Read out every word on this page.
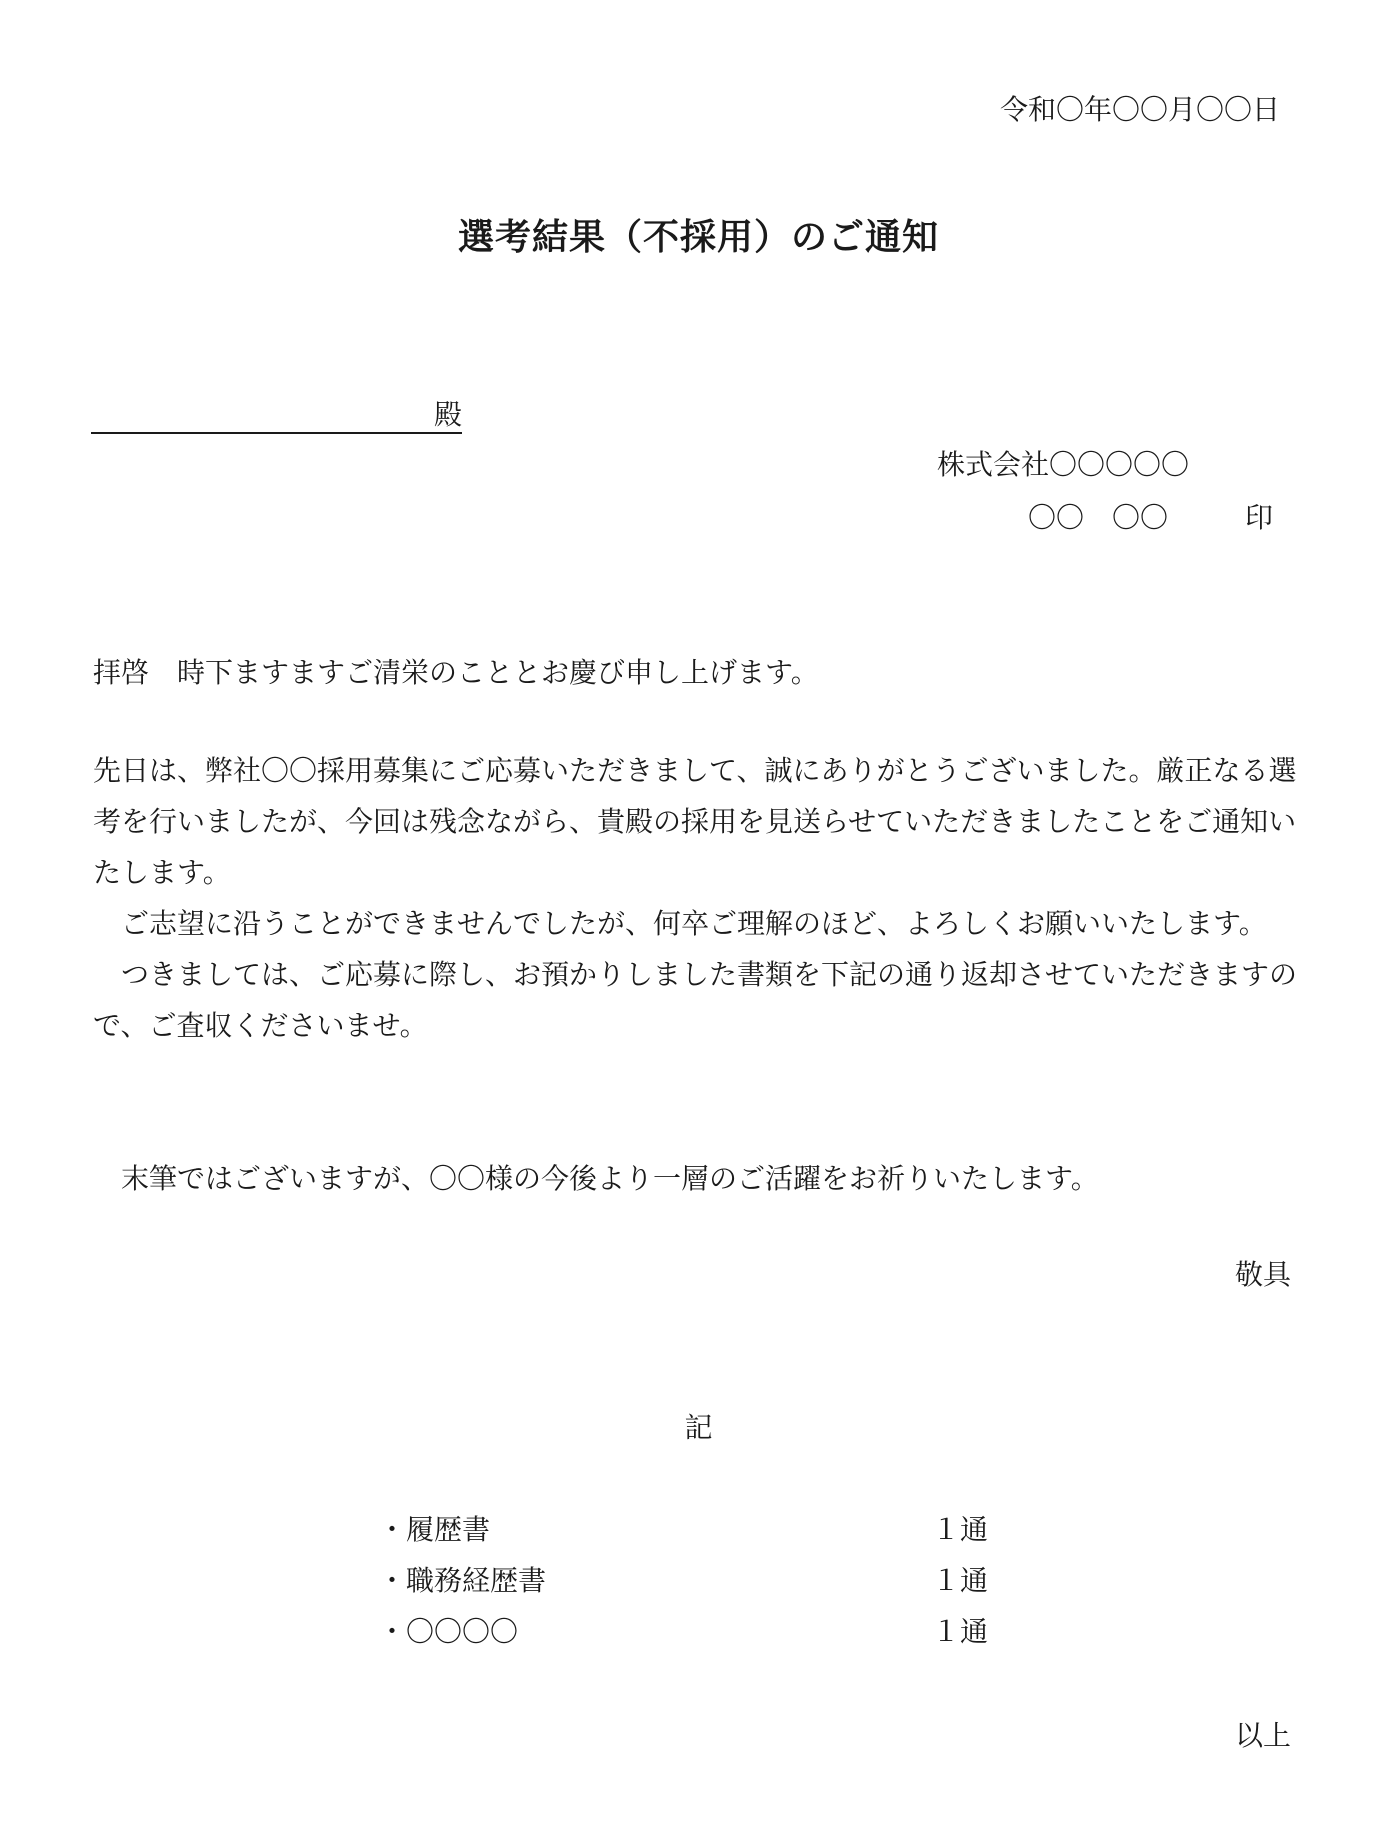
令和〇年〇〇月〇〇日
選考結果（不採用）のご通知
殿
株式会社〇〇〇〇〇
〇〇　〇〇	印
拝啓　時下ますますご清栄のこととお慶び申し上げます。

先日は、弊社〇〇採用募集にご応募いただきまして、誠にありがとうございました。厳正なる選考を行いましたが、今回は残念ながら、貴殿の採用を見送らせていただきましたことをご通知いたします。

　ご志望に沿うことができませんでしたが、何卒ご理解のほど、よろしくお願いいたします。

　つきましては、ご応募に際し、お預かりしました書類を下記の通り返却させていただきますので、ご査収くださいませ。

　末筆ではございますが、〇〇様の今後より一層のご活躍をお祈りいたします。
敬具
記
・履歴書	１通
・職務経歴書	１通
・〇〇〇〇	１通
以上
